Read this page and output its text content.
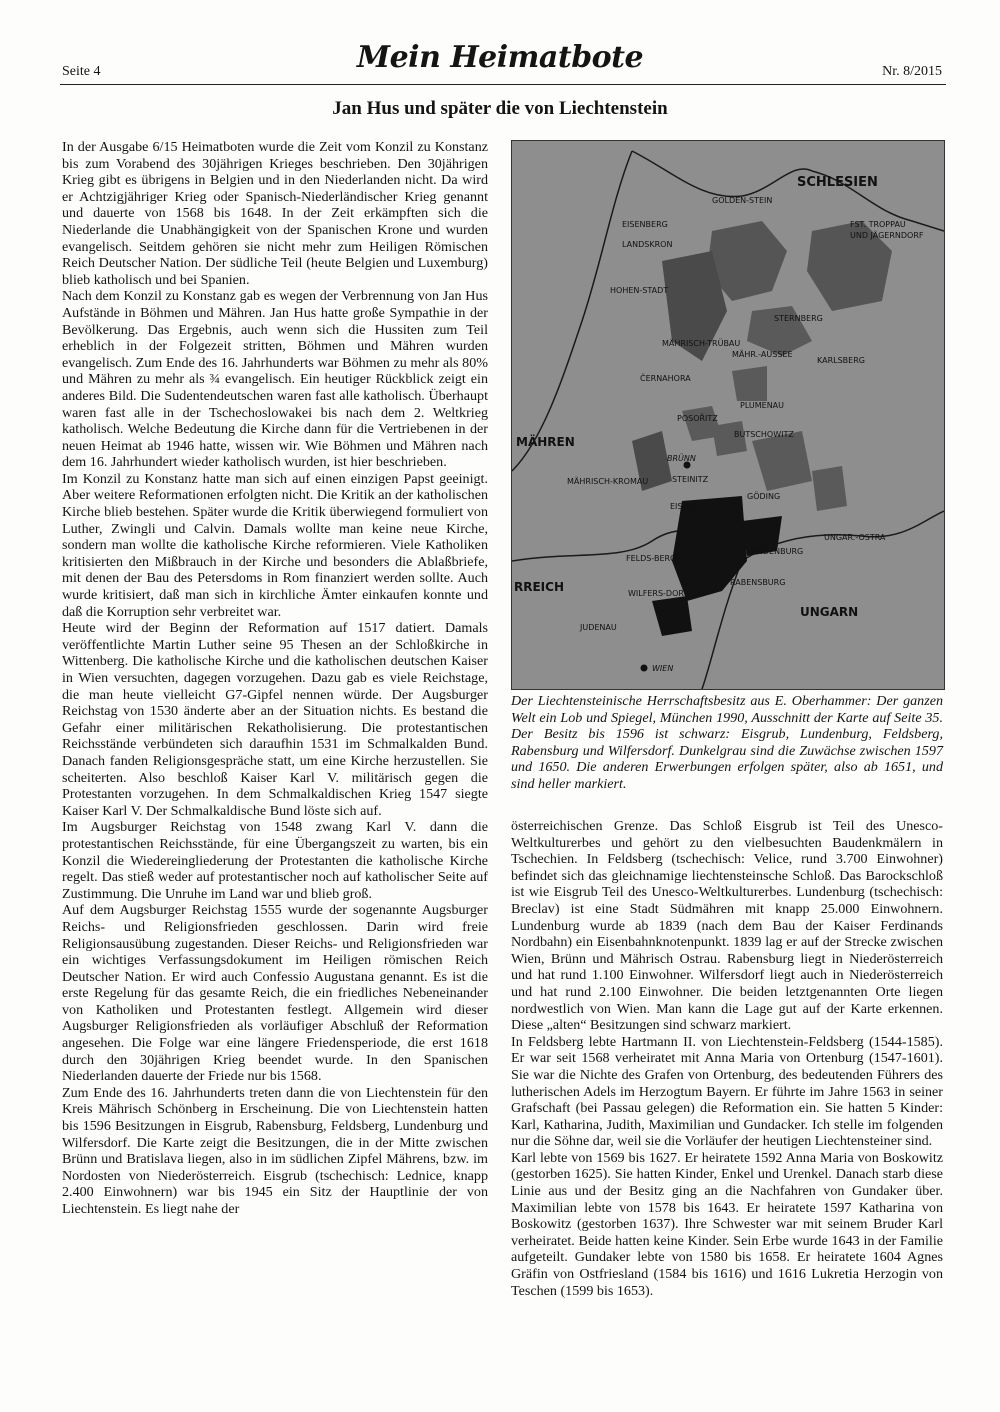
Seite 4	Mein Heimatbote	Nr. 8/2015
Jan Hus und später die von Liechtenstein

In der Ausgabe 6/15 Heimatboten wurde die Zeit vom Konzil zu Konstanz bis zum Vorabend des 30jährigen Krieges beschrieben. Den 30jährigen Krieg gibt es übrigens in Belgien und in den Niederlanden nicht. Da wird er Achtzigjähriger Krieg oder Spanisch-Niederländischer Krieg genannt und dauerte von 1568 bis 1648. In der Zeit erkämpften sich die Niederlande die Unabhängigkeit von der Spanischen Krone und wurden evangelisch. Seitdem gehören sie nicht mehr zum Heiligen Römischen Reich Deutscher Nation. Der südliche Teil (heute Belgien und Luxemburg) blieb katholisch und bei Spanien.

Nach dem Konzil zu Konstanz gab es wegen der Verbrennung von Jan Hus Aufstände in Böhmen und Mähren. Jan Hus hatte große Sympathie in der Bevölkerung. Das Ergebnis, auch wenn sich die Hussiten zum Teil erheblich in der Folgezeit stritten, Böhmen und Mähren wurden evangelisch. Zum Ende des 16. Jahrhunderts war Böhmen zu mehr als 80% und Mähren zu mehr als ¾ evangelisch. Ein heutiger Rückblick zeigt ein anderes Bild. Die Sudentendeutschen waren fast alle katholisch. Überhaupt waren fast alle in der Tschechoslowakei bis nach dem 2. Weltkrieg katholisch. Welche Bedeutung die Kirche dann für die Vertriebenen in der neuen Heimat ab 1946 hatte, wissen wir. Wie Böhmen und Mähren nach dem 16. Jahrhundert wieder katholisch wurden, ist hier beschrieben.

Im Konzil zu Konstanz hatte man sich auf einen einzigen Papst geeinigt. Aber weitere Reformationen erfolgten nicht. Die Kritik an der katholischen Kirche blieb bestehen. Später wurde die Kritik überwiegend formuliert von Luther, Zwingli und Calvin. Damals wollte man keine neue Kirche, sondern man wollte die katholische Kirche reformieren. Viele Katholiken kritisierten den Mißbrauch in der Kirche und besonders die Ablaßbriefe, mit denen der Bau des Petersdoms in Rom finanziert werden sollte. Auch wurde kritisiert, daß man sich in kirchliche Ämter einkaufen konnte und daß die Korruption sehr verbreitet war.

Heute wird der Beginn der Reformation auf 1517 datiert. Damals veröffentlichte Martin Luther seine 95 Thesen an der Schloßkirche in Wittenberg. Die katholische Kirche und die katholischen deutschen Kaiser in Wien versuchten, dagegen vorzugehen. Dazu gab es viele Reichstage, die man heute vielleicht G7-Gipfel nennen würde. Der Augsburger Reichstag von 1530 änderte aber an der Situation nichts. Es bestand die Gefahr einer militärischen Rekatholisierung. Die protestantischen Reichsstände verbündeten sich daraufhin 1531 im Schmalkalden Bund. Danach fanden Religionsgespräche statt, um eine Kirche herzustellen. Sie scheiterten. Also beschloß Kaiser Karl V. militärisch gegen die Protestanten vorzugehen. In dem Schmalkaldischen Krieg 1547 siegte Kaiser Karl V. Der Schmalkaldische Bund löste sich auf.

Im Augsburger Reichstag von 1548 zwang Karl V. dann die protestantischen Reichsstände, für eine Übergangszeit zu warten, bis ein Konzil die Wiedereingliederung der Protestanten die katholische Kirche regelt. Das stieß weder auf protestantischer noch auf katholischer Seite auf Zustimmung. Die Unruhe im Land war und blieb groß.

Auf dem Augsburger Reichstag 1555 wurde der sogenannte Augsburger Reichs- und Religionsfrieden geschlossen. Darin wird freie Religionsausübung zugestanden. Dieser Reichs- und Religionsfrieden war ein wichtiges Verfassungsdokument im Heiligen römischen Reich Deutscher Nation. Er wird auch Confessio Augustana genannt. Es ist die erste Regelung für das gesamte Reich, die ein friedliches Nebeneinander von Katholiken und Protestanten festlegt. Allgemein wird dieser Augsburger Religionsfrieden als vorläufiger Abschluß der Reformation angesehen. Die Folge war eine längere Friedensperiode, die erst 1618 durch den 30jährigen Krieg beendet wurde. In den Spanischen Niederlanden dauerte der Friede nur bis 1568.

Zum Ende des 16. Jahrhunderts treten dann die von Liechtenstein für den Kreis Mährisch Schönberg in Erscheinung. Die von Liechtenstein hatten bis 1596 Besitzungen in Eisgrub, Rabensburg, Feldsberg, Lundenburg und Wilfersdorf. Die Karte zeigt die Besitzungen, die in der Mitte zwischen Brünn und Bratislava liegen, also in im südlichen Zipfel Mährens, bzw. im Nordosten von Niederösterreich. Eisgrub (tschechisch: Lednice, knapp 2.400 Einwohnern) war bis 1945 ein Sitz der Hauptlinie der von Liechtenstein. Es liegt nahe der

SCHLESIEN
MÄHREN
RREICH
UNGARN
GOLDEN-STEIN
EISENBERG
LANDSKRON
FST. TROPPAU
UND JÄGERNDORF
HOHEN-STADT
STERNBERG
MÄHRISCH-TRÜBAU
MÄHR.-AUSSEE
KARLSBERG
ČERNAHORA
PLUMENAU
POSOŘITZ
BUTSCHOWITZ
BRÜNN
STEINITZ
MÄHRISCH-KROMAU
GÖDING
EIS-GRUB
UNGAR.-OSTRA
LUNDENBURG
FELDS-BERG
RABENSBURG
WILFERS-DORF
JUDENAU
WIEN
Der Liechtensteinische Herrschaftsbesitz aus E. Oberhammer: Der ganzen Welt ein Lob und Spiegel, München 1990, Ausschnitt der Karte auf Seite 35. Der Besitz bis 1596 ist schwarz: Eisgrub, Lundenburg, Feldsberg, Rabensburg und Wilfersdorf. Dunkelgrau sind die Zuwächse zwischen 1597 und 1650. Die anderen Erwerbungen erfolgen später, also ab 1651, und sind heller markiert.

österreichischen Grenze. Das Schloß Eisgrub ist Teil des Unesco-Weltkulturerbes und gehört zu den vielbesuchten Baudenkmälern in Tschechien. In Feldsberg (tschechisch: Velice, rund 3.700 Einwohner) befindet sich das gleichnamige liechtensteinsche Schloß. Das Barockschloß ist wie Eisgrub Teil des Unesco-Weltkulturerbes. Lundenburg (tschechisch: Breclav) ist eine Stadt Südmähren mit knapp 25.000 Einwohnern. Lundenburg wurde ab 1839 (nach dem Bau der Kaiser Ferdinands Nordbahn) ein Eisenbahnknotenpunkt. 1839 lag er auf der Strecke zwischen Wien, Brünn und Mährisch Ostrau. Rabensburg liegt in Niederösterreich und hat rund 1.100 Einwohner. Wilfersdorf liegt auch in Niederösterreich und hat rund 2.100 Einwohner. Die beiden letztgenannten Orte liegen nordwestlich von Wien. Man kann die Lage gut auf der Karte erkennen. Diese „alten“ Besitzungen sind schwarz markiert.

In Feldsberg lebte Hartmann II. von Liechtenstein-Feldsberg (1544-1585). Er war seit 1568 verheiratet mit Anna Maria von Ortenburg (1547-1601). Sie war die Nichte des Grafen von Ortenburg, des bedeutenden Führers des lutherischen Adels im Herzogtum Bayern. Er führte im Jahre 1563 in seiner Grafschaft (bei Passau gelegen) die Reformation ein. Sie hatten 5 Kinder: Karl, Katharina, Judith, Maximilian und Gundacker. Ich stelle im folgenden nur die Söhne dar, weil sie die Vorläufer der heutigen Liechtensteiner sind.

Karl lebte von 1569 bis 1627. Er heiratete 1592 Anna Maria von Boskowitz (gestorben 1625). Sie hatten Kinder, Enkel und Urenkel. Danach starb diese Linie aus und der Besitz ging an die Nachfahren von Gundaker über. Maximilian lebte von 1578 bis 1643. Er heiratete 1597 Katharina von Boskowitz (gestorben 1637). Ihre Schwester war mit seinem Bruder Karl verheiratet. Beide hatten keine Kinder. Sein Erbe wurde 1643 in der Familie aufgeteilt. Gundaker lebte von 1580 bis 1658. Er heiratete 1604 Agnes Gräfin von Ostfriesland (1584 bis 1616) und 1616 Lukretia Herzogin von Teschen (1599 bis 1653).
